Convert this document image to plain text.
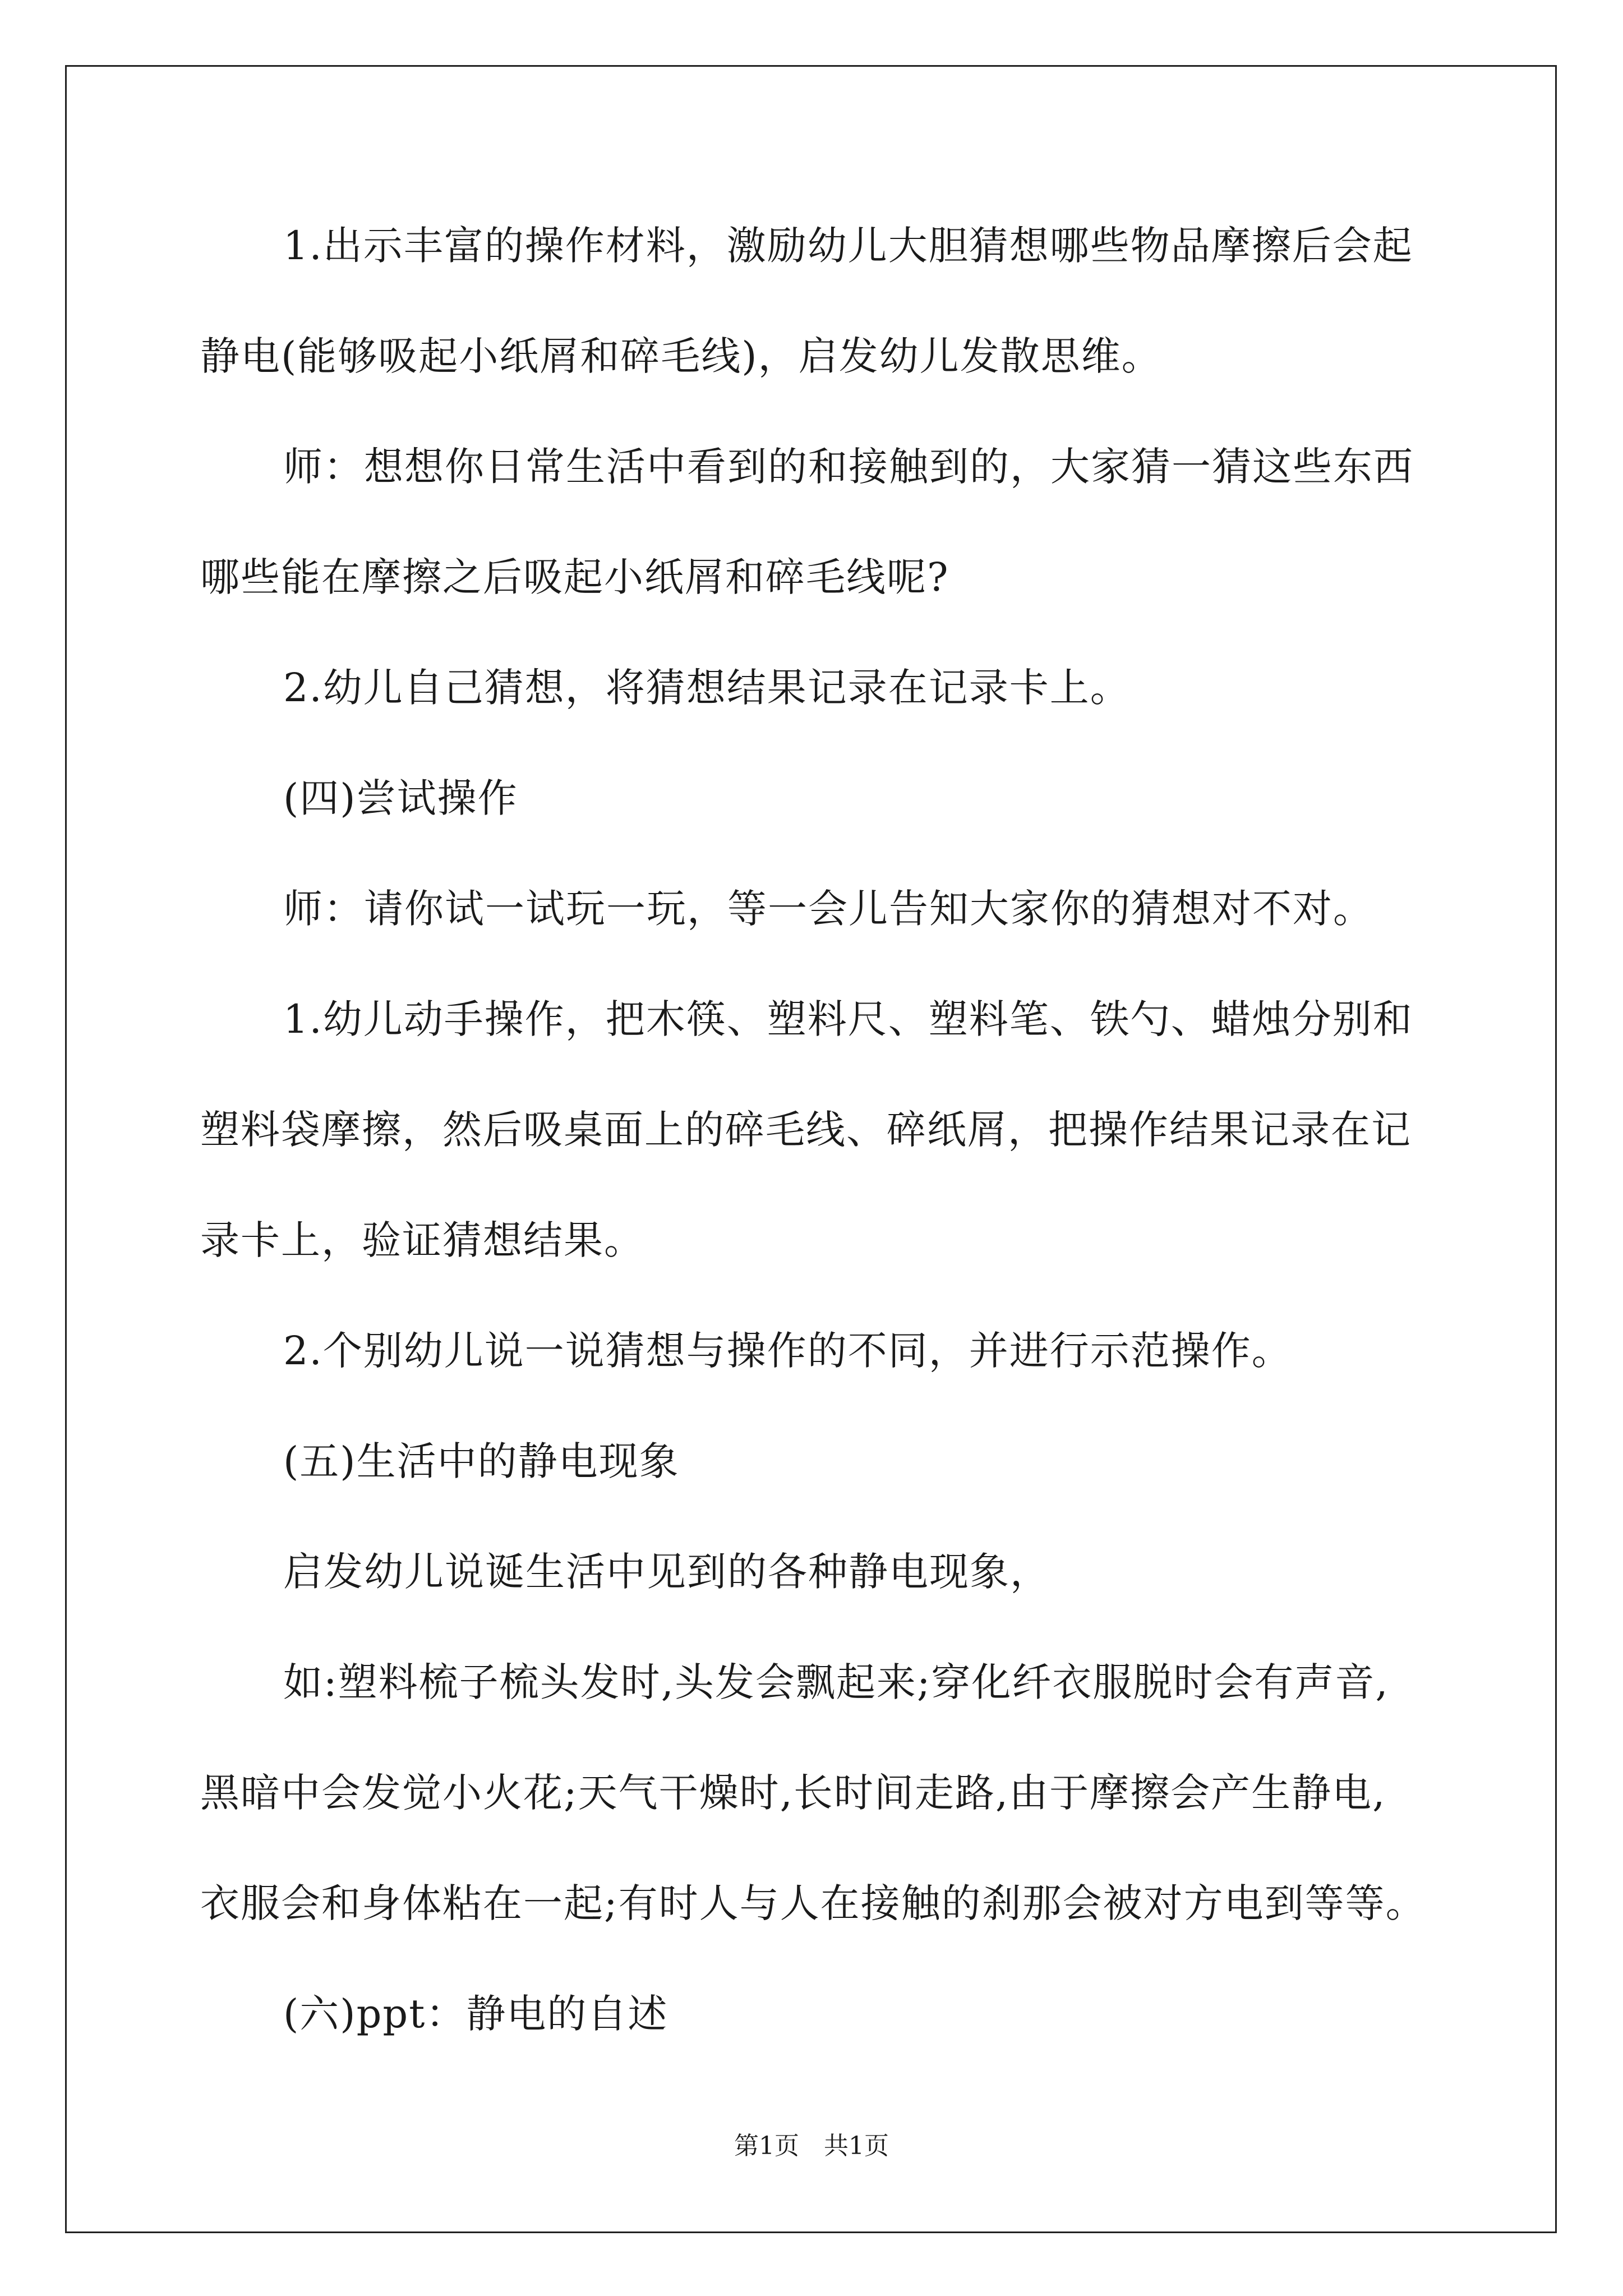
1.出示丰富的操作材料，激励幼儿大胆猜想哪些物品摩擦后会起
静电(能够吸起小纸屑和碎毛线)，启发幼儿发散思维。
师：想想你日常生活中看到的和接触到的，大家猜一猜这些东西
哪些能在摩擦之后吸起小纸屑和碎毛线呢?
2.幼儿自己猜想，将猜想结果记录在记录卡上。
(四)尝试操作
师：请你试一试玩一玩，等一会儿告知大家你的猜想对不对。
1.幼儿动手操作，把木筷、塑料尺、塑料笔、铁勺、蜡烛分别和
塑料袋摩擦，然后吸桌面上的碎毛线、碎纸屑，把操作结果记录在记
录卡上，验证猜想结果。
2.个别幼儿说一说猜想与操作的不同，并进行示范操作。
(五)生活中的静电现象
启发幼儿说诞生活中见到的各种静电现象，
如:塑料梳子梳头发时,头发会飘起来;穿化纤衣服脱时会有声音,
黑暗中会发觉小火花;天气干燥时,长时间走路,由于摩擦会产生静电,
衣服会和身体粘在一起;有时人与人在接触的刹那会被对方电到等等。
(六)ppt：静电的自述
第1页　共1页
